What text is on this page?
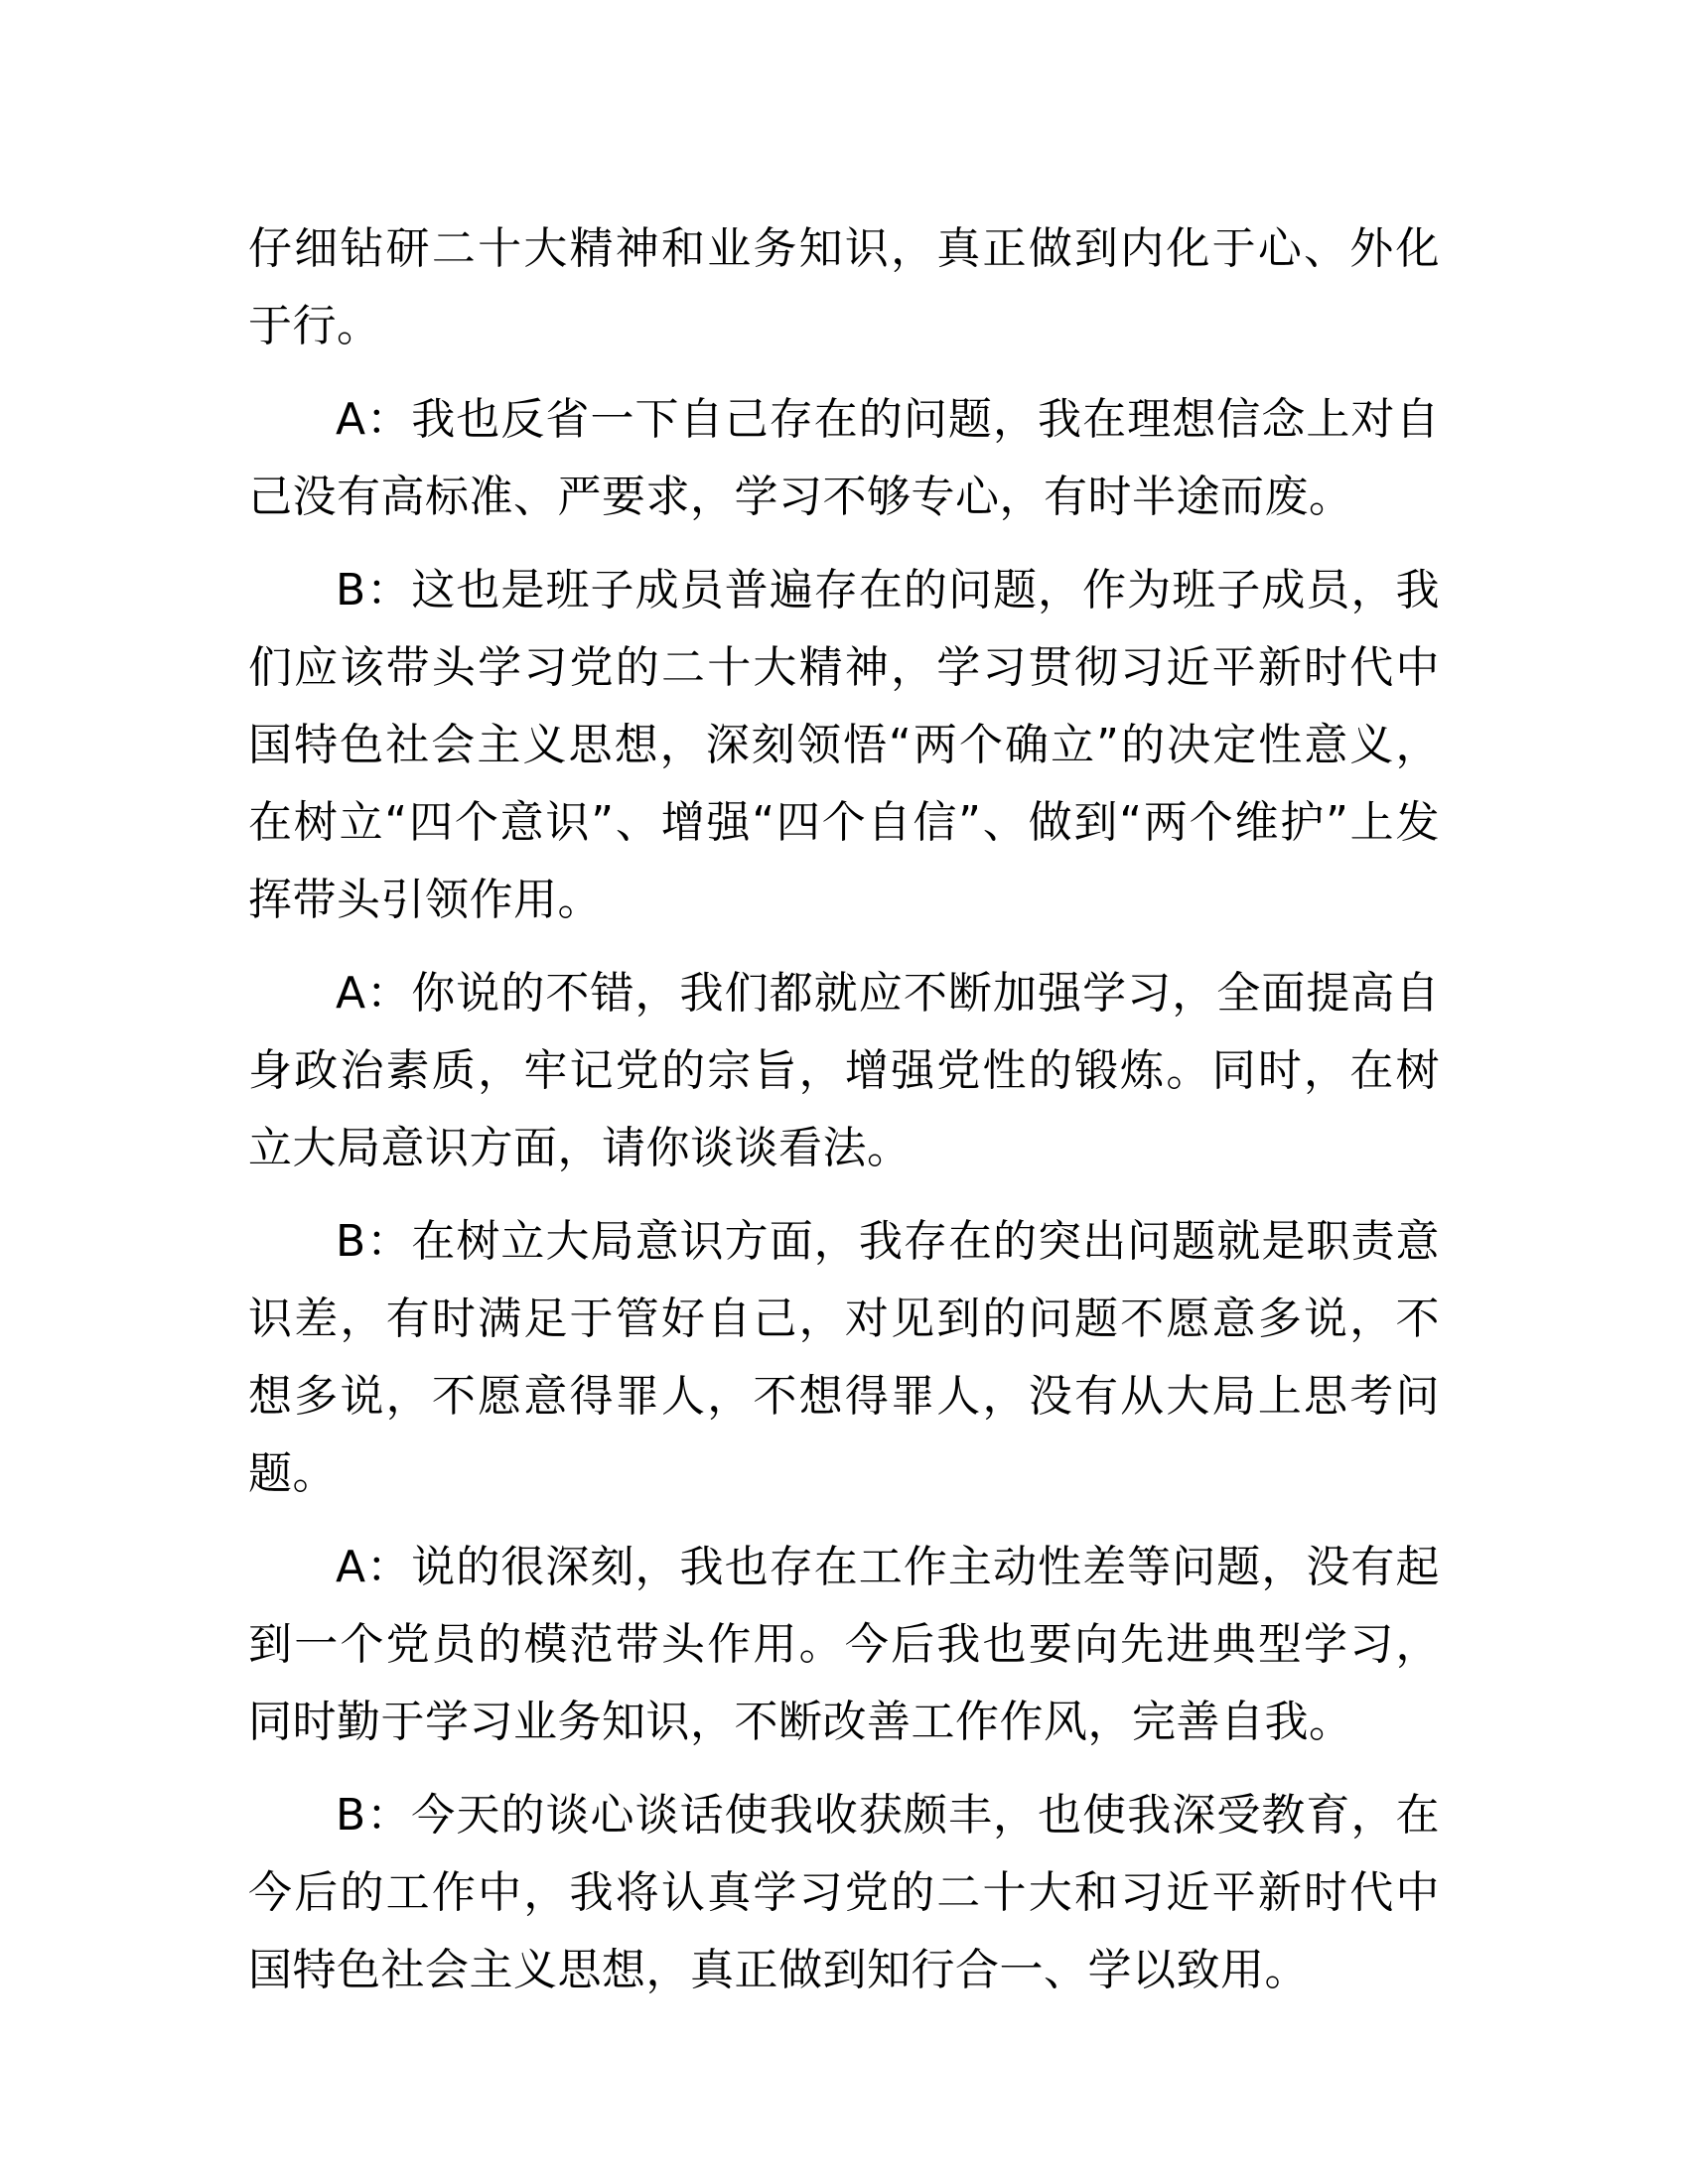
仔细钻研二十大精神和业务知识，真正做到内化于心、外化于行。

A：我也反省一下自己存在的问题，我在理想信念上对自己没有高标准、严要求，学习不够专心，有时半途而废。

B：这也是班子成员普遍存在的问题，作为班子成员，我们应该带头学习党的二十大精神，学习贯彻习近平新时代中国特色社会主义思想，深刻领悟“两个确立”的决定性意义，在树立“四个意识”、增强“四个自信”、做到“两个维护”上发挥带头引领作用。

A：你说的不错，我们都就应不断加强学习，全面提高自身政治素质，牢记党的宗旨，增强党性的锻炼。同时，在树立大局意识方面，请你谈谈看法。

B：在树立大局意识方面，我存在的突出问题就是职责意识差，有时满足于管好自己，对见到的问题不愿意多说，不想多说，不愿意得罪人，不想得罪人，没有从大局上思考问题。

A：说的很深刻，我也存在工作主动性差等问题，没有起到一个党员的模范带头作用。今后我也要向先进典型学习，同时勤于学习业务知识，不断改善工作作风，完善自我。

B：今天的谈心谈话使我收获颇丰，也使我深受教育，在今后的工作中，我将认真学习党的二十大和习近平新时代中国特色社会主义思想，真正做到知行合一、学以致用。
